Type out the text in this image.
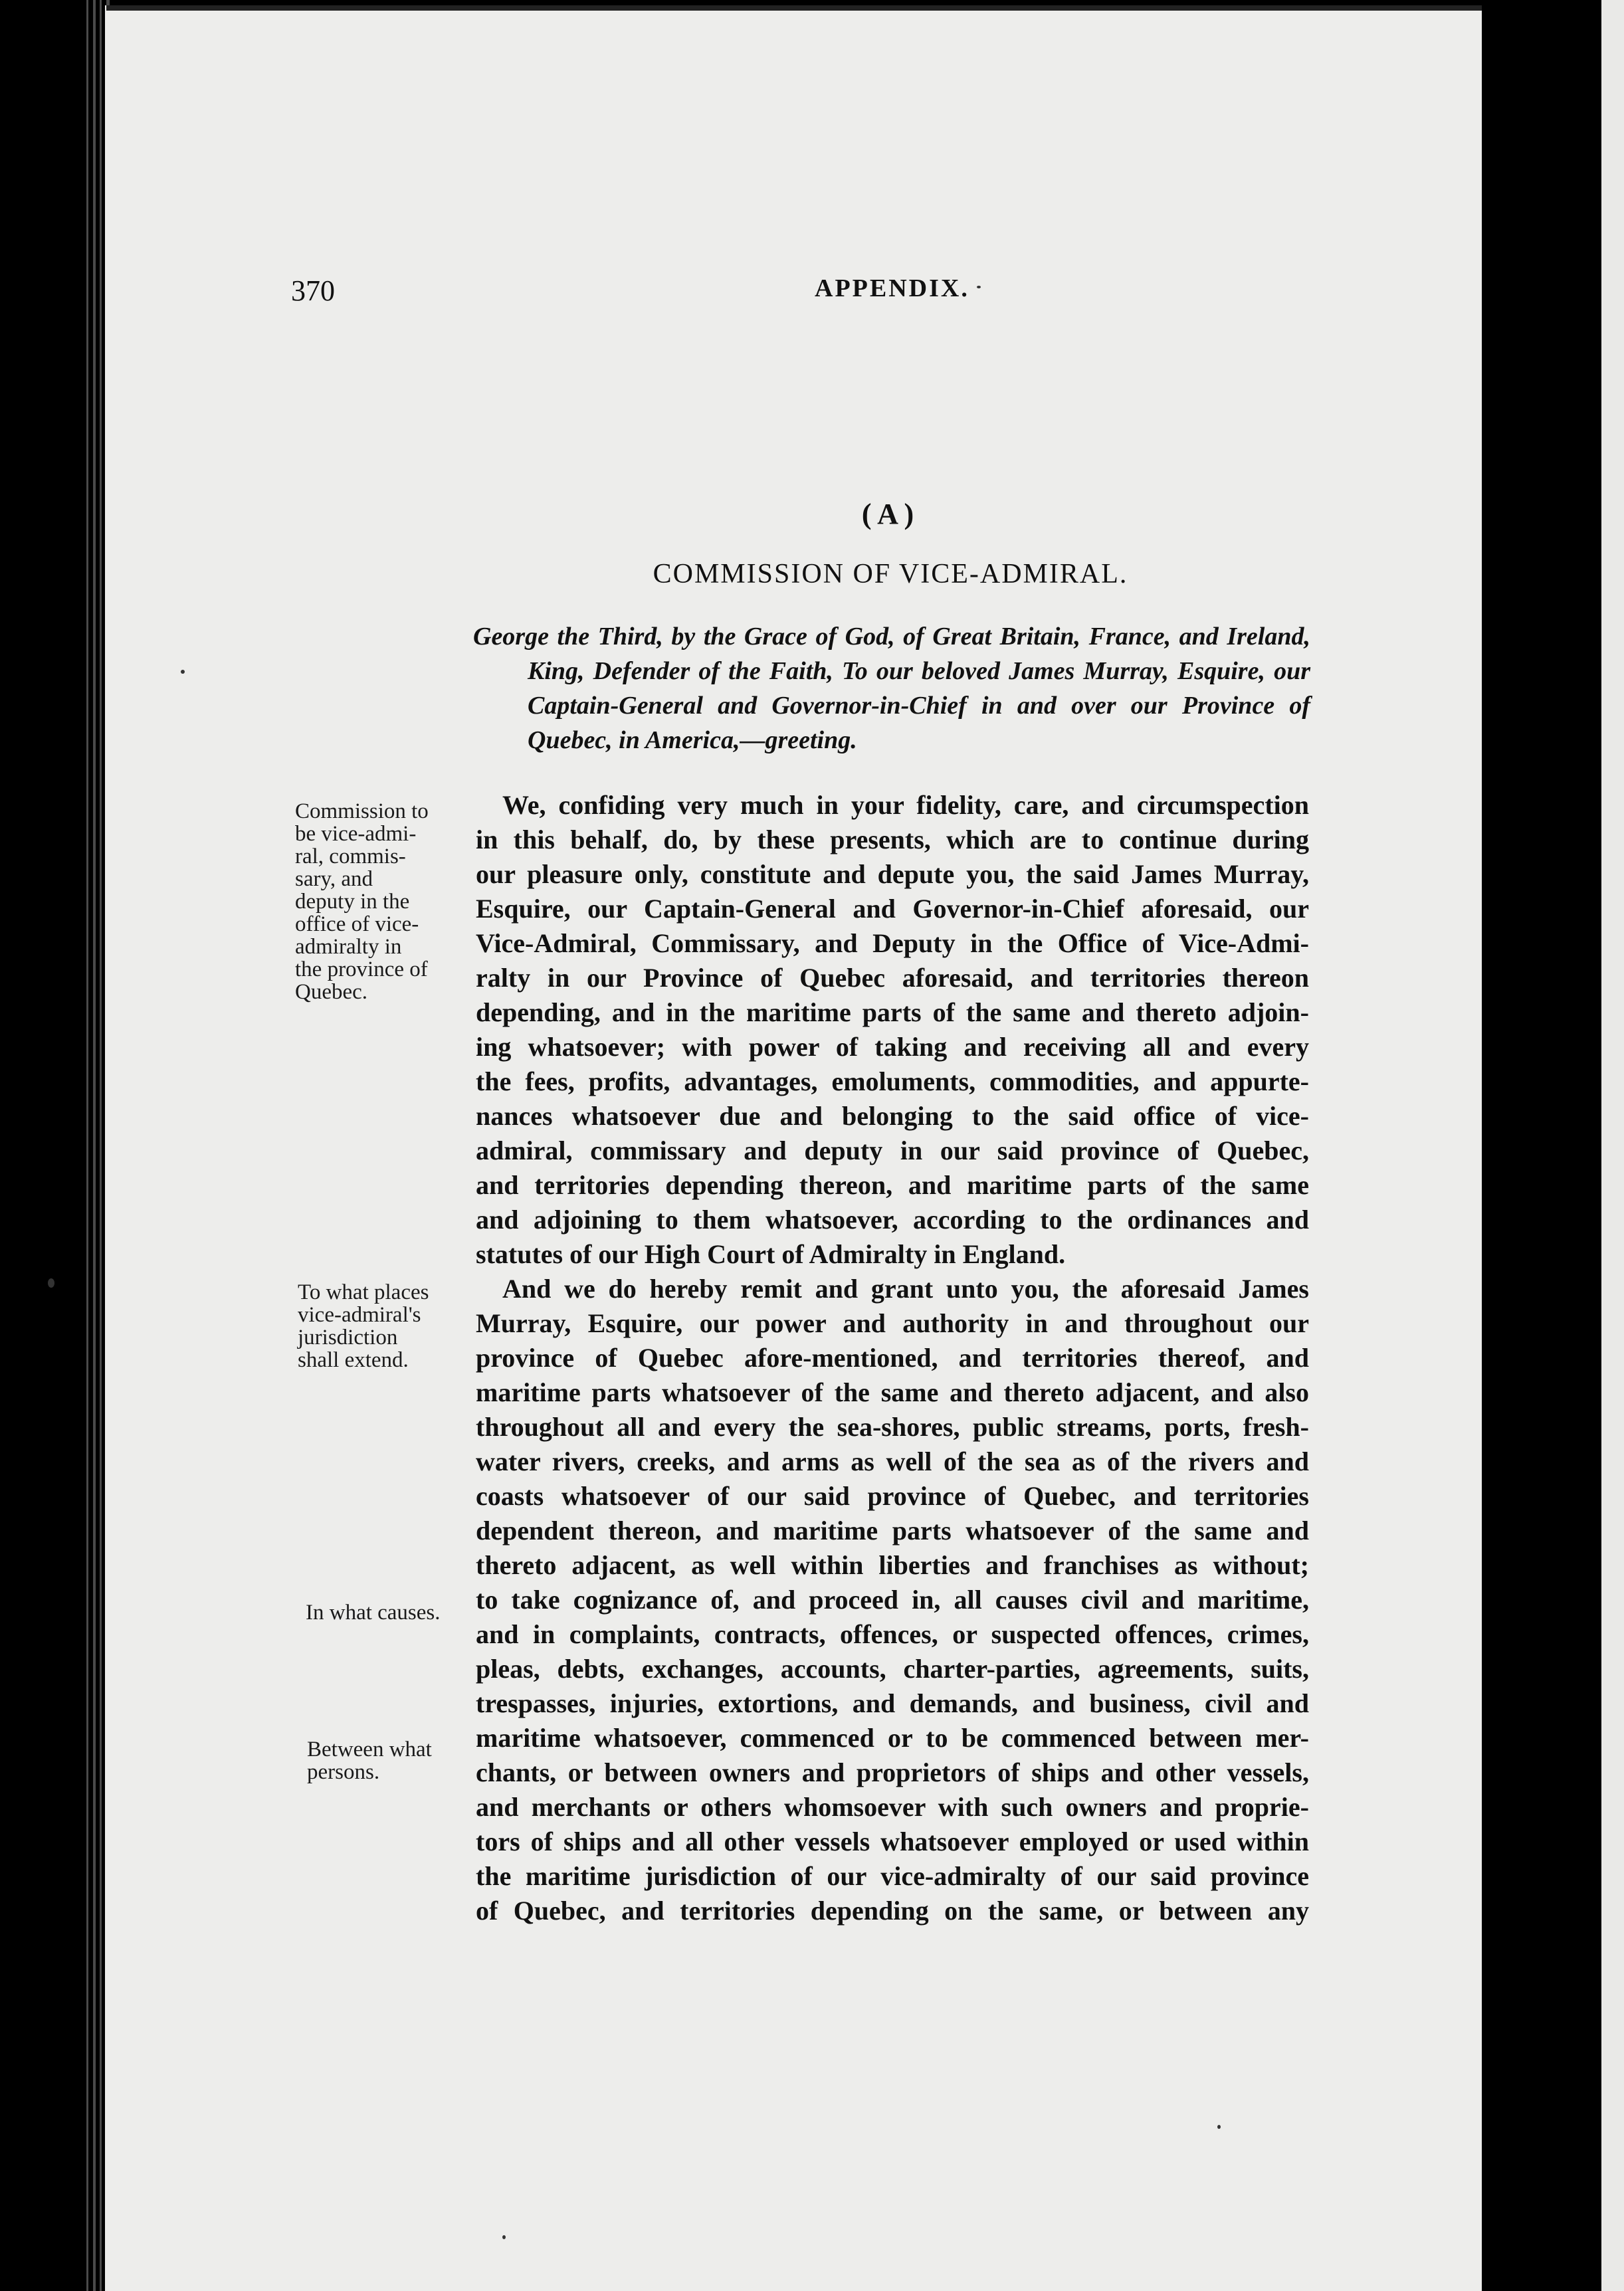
370	APPENDIX.
( A )
COMMISSION OF VICE-ADMIRAL.
George the Third, by the Grace of God, of Great Britain, France, and Ireland, King, Defender of the Faith, To our beloved James Murray, Esquire, our Captain-General and Governor-in-Chief in and over our Province of Quebec, in America,—greeting.
We, confiding very much in your fidelity, care, and circumspection
in this behalf, do, by these presents, which are to continue during
our pleasure only, constitute and depute you, the said James Murray,
Esquire, our Captain-General and Governor-in-Chief aforesaid, our
Vice-Admiral, Commissary, and Deputy in the Office of Vice-Admi-
ralty in our Province of Quebec aforesaid, and territories thereon
depending, and in the maritime parts of the same and thereto adjoin-
ing whatsoever; with power of taking and receiving all and every
the fees, profits, advantages, emoluments, commodities, and appurte-
nances whatsoever due and belonging to the said office of vice-
admiral, commissary and deputy in our said province of Quebec,
and territories depending thereon, and maritime parts of the same
and adjoining to them whatsoever, according to the ordinances and
statutes of our High Court of Admiralty in England.
And we do hereby remit and grant unto you, the aforesaid James
Murray, Esquire, our power and authority in and throughout our
province of Quebec afore-mentioned, and territories thereof, and
maritime parts whatsoever of the same and thereto adjacent, and also
throughout all and every the sea-shores, public streams, ports, fresh-
water rivers, creeks, and arms as well of the sea as of the rivers and
coasts whatsoever of our said province of Quebec, and territories
dependent thereon, and maritime parts whatsoever of the same and
thereto adjacent, as well within liberties and franchises as without;
to take cognizance of, and proceed in, all causes civil and maritime,
and in complaints, contracts, offences, or suspected offences, crimes,
pleas, debts, exchanges, accounts, charter-parties, agreements, suits,
trespasses, injuries, extortions, and demands, and business, civil and
maritime whatsoever, commenced or to be commenced between mer-
chants, or between owners and proprietors of ships and other vessels,
and merchants or others whomsoever with such owners and proprie-
tors of ships and all other vessels whatsoever employed or used within
the maritime jurisdiction of our vice-admiralty of our said province
of Quebec, and territories depending on the same, or between any
Commission to
be vice-admi-
ral, commis-
sary, and
deputy in the
office of vice-
admiralty in
the province of
Quebec.
To what places
vice-admiral's
jurisdiction
shall extend.
In what causes.
Between what
persons.
